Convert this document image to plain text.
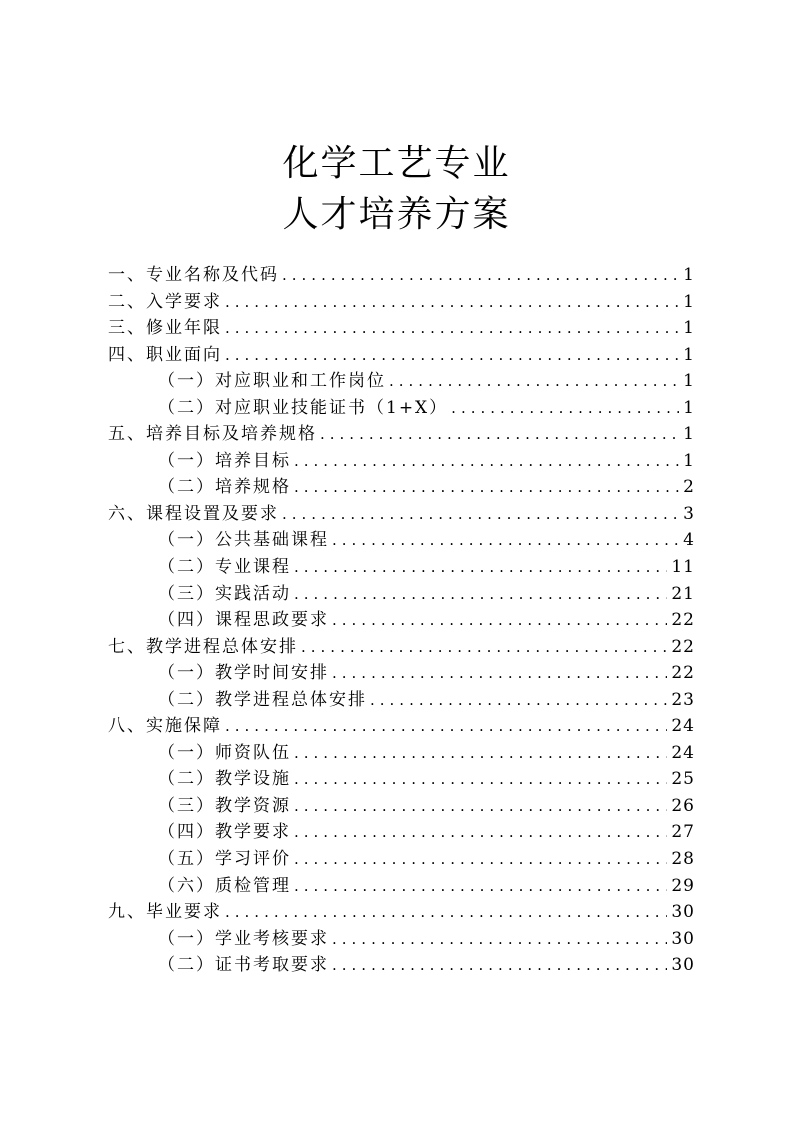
化学工艺专业
人才培养方案
一、专业名称及代码 .....	1
二、入学要求 .....	1
三、修业年限 .....	1
四、职业面向 .....	1
（一）对应职业和工作岗位 .....	1
（二）对应职业技能证书（1+X） .....	1
五、培养目标及培养规格 .....	1
（一）培养目标 .....	1
（二）培养规格 .....	2
六、课程设置及要求 .....	3
（一）公共基础课程 .....	4
（二）专业课程 .....	11
（三）实践活动 .....	21
（四）课程思政要求 .....	22
七、教学进程总体安排 .....	22
（一）教学时间安排 .....	22
（二）教学进程总体安排 .....	23
八、实施保障 .....	24
（一）师资队伍 .....	24
（二）教学设施 .....	25
（三）教学资源 .....	26
（四）教学要求 .....	27
（五）学习评价 .....	28
（六）质检管理 .....	29
九、毕业要求 .....	30
（一）学业考核要求 .....	30
（二）证书考取要求 .....	30
